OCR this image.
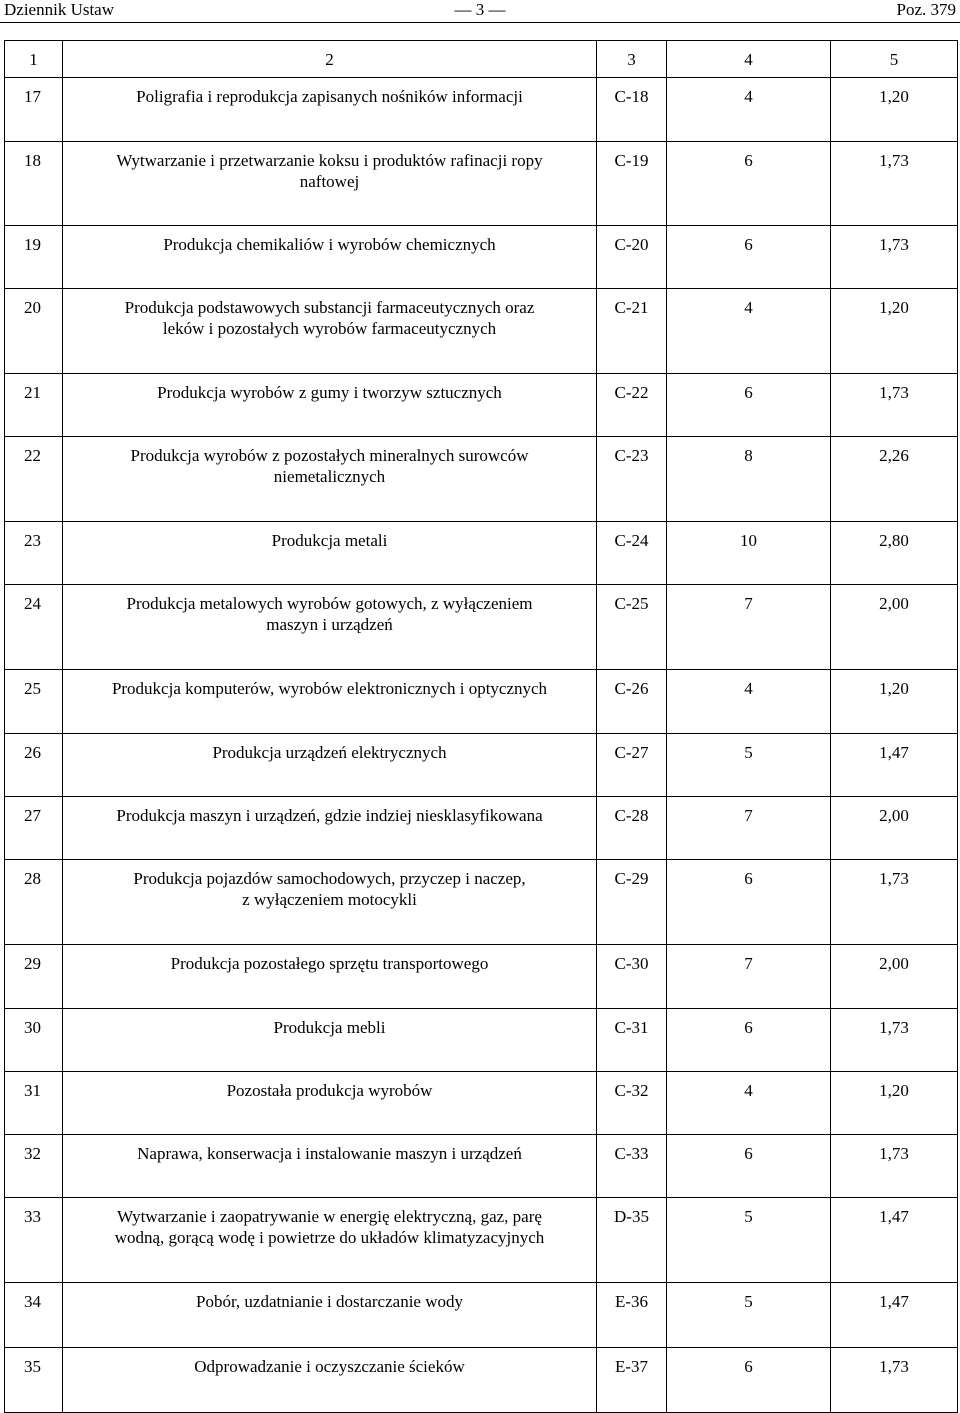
Dziennik Ustaw	— 3 —	Poz. 379
1	2	3	4	5

17	Poligrafia i reprodukcja zapisanych nośników informacji	C-18	4	1,20

18	Wytwarzanie i przetwarzanie koksu i produktów rafinacji ropy
naftowej	C-19	6	1,73

19	Produkcja chemikaliów i wyrobów chemicznych	C-20	6	1,73

20	Produkcja podstawowych substancji farmaceutycznych oraz
leków i pozostałych wyrobów farmaceutycznych	C-21	4	1,20

21	Produkcja wyrobów z gumy i tworzyw sztucznych	C-22	6	1,73

22	Produkcja wyrobów z pozostałych mineralnych surowców
niemetalicznych	C-23	8	2,26

23	Produkcja metali	C-24	10	2,80

24	Produkcja metalowych wyrobów gotowych, z wyłączeniem
maszyn i urządzeń	C-25	7	2,00

25	Produkcja komputerów, wyrobów elektronicznych i optycznych	C-26	4	1,20

26	Produkcja urządzeń elektrycznych	C-27	5	1,47

27	Produkcja maszyn i urządzeń, gdzie indziej niesklasyfikowana	C-28	7	2,00

28	Produkcja pojazdów samochodowych, przyczep i naczep,
z wyłączeniem motocykli	C-29	6	1,73

29	Produkcja pozostałego sprzętu transportowego	C-30	7	2,00

30	Produkcja mebli	C-31	6	1,73

31	Pozostała produkcja wyrobów	C-32	4	1,20

32	Naprawa, konserwacja i instalowanie maszyn i urządzeń	C-33	6	1,73

33	Wytwarzanie i zaopatrywanie w energię elektryczną, gaz, parę
wodną, gorącą wodę i powietrze do układów klimatyzacyjnych	D-35	5	1,47

34	Pobór, uzdatnianie i dostarczanie wody	E-36	5	1,47

35	Odprowadzanie i oczyszczanie ścieków	E-37	6	1,73
